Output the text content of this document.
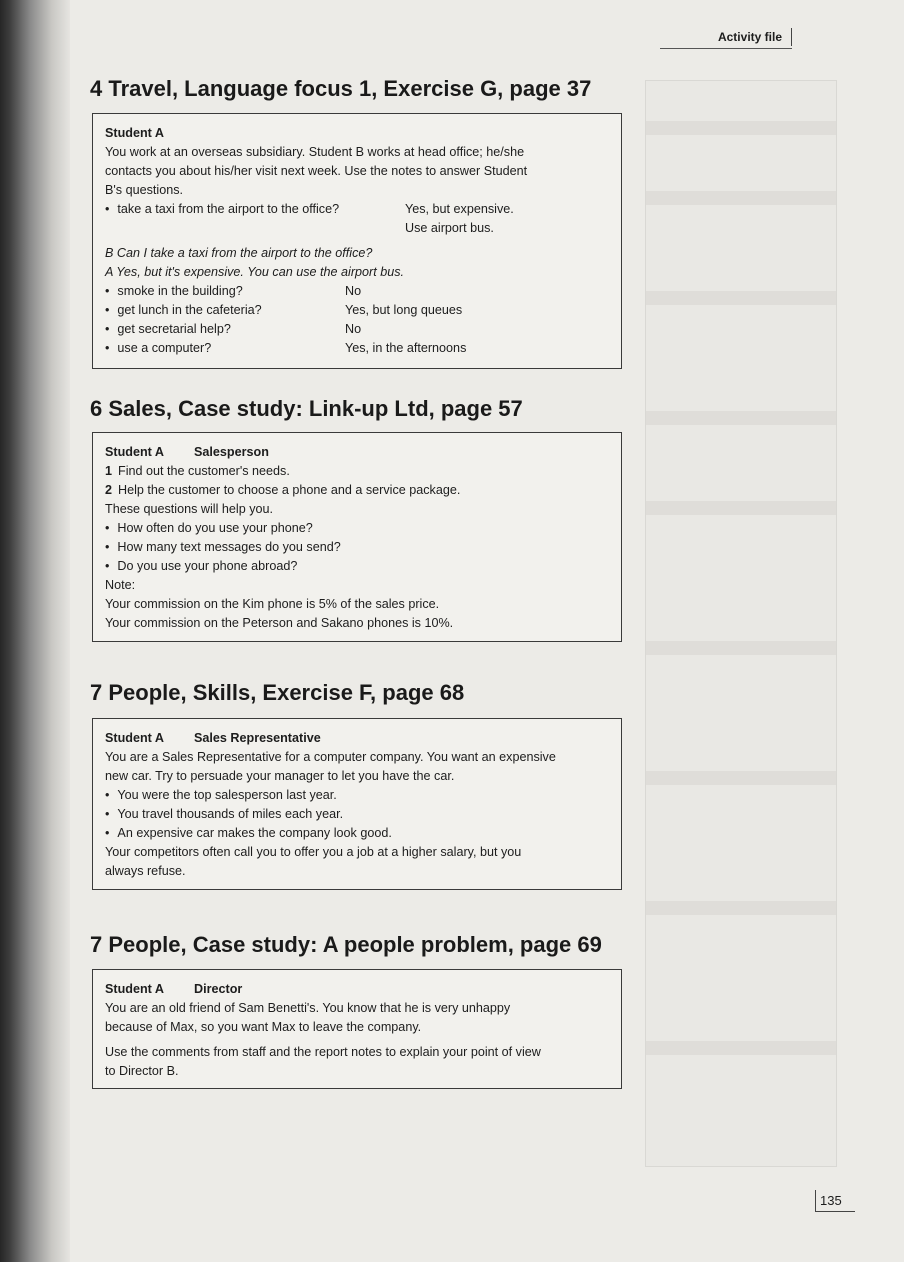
Activity file
4 Travel, Language focus 1, Exercise G, page 37

Student A

You work at an overseas subsidiary. Student B works at head office; he/she

contacts you about his/her visit next week. Use the notes to answer Student

B's questions.

• take a taxi from the airport to the office?	Yes, but expensive.
Use airport bus.

B Can I take a taxi from the airport to the office?

A Yes, but it's expensive. You can use the airport bus.

• smoke in the building?	No
• get lunch in the cafeteria?	Yes, but long queues
• get secretarial help?	No
• use a computer?	Yes, in the afternoons
6 Sales, Case study: Link-up Ltd, page 57

Student A Salesperson

1 Find out the customer's needs.

2 Help the customer to choose a phone and a service package.

These questions will help you.

• How often do you use your phone?

• How many text messages do you send?

• Do you use your phone abroad?

Note:

Your commission on the Kim phone is 5% of the sales price.

Your commission on the Peterson and Sakano phones is 10%.

7 People, Skills, Exercise F, page 68

Student A Sales Representative

You are a Sales Representative for a computer company. You want an expensive

new car. Try to persuade your manager to let you have the car.

• You were the top salesperson last year.

• You travel thousands of miles each year.

• An expensive car makes the company look good.

Your competitors often call you to offer you a job at a higher salary, but you

always refuse.

7 People, Case study: A people problem, page 69

Student A Director

You are an old friend of Sam Benetti's. You know that he is very unhappy

because of Max, so you want Max to leave the company.

Use the comments from staff and the report notes to explain your point of view

to Director B.

135
